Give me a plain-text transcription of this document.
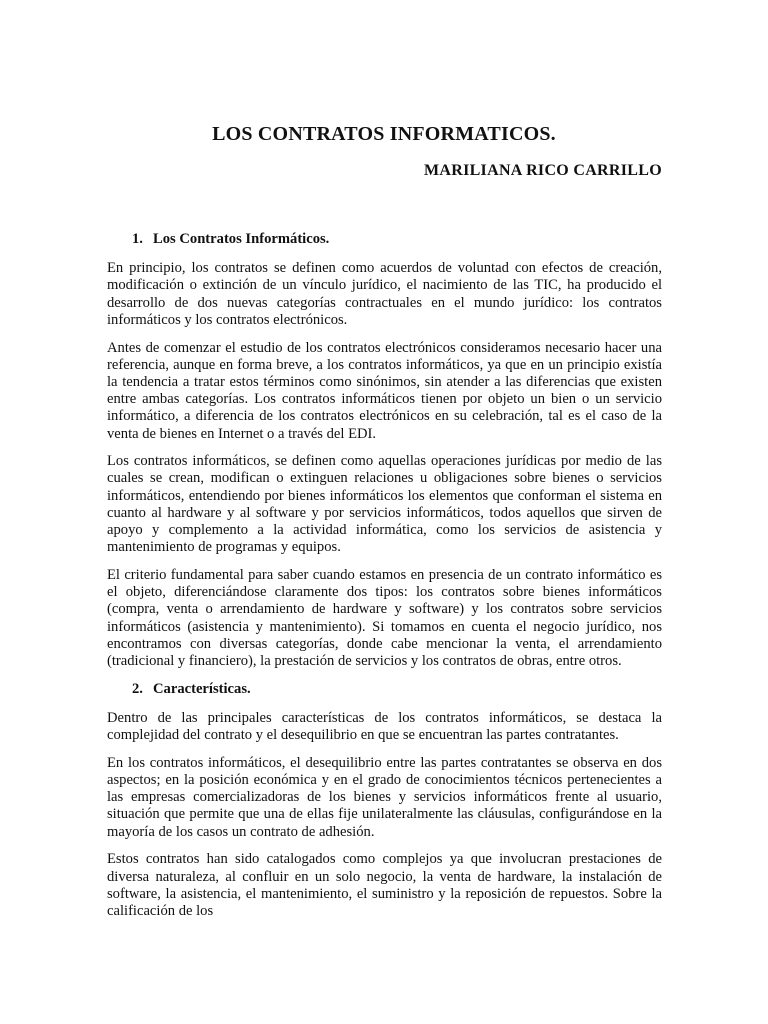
LOS CONTRATOS INFORMATICOS.
MARILIANA RICO CARRILLO
1. Los Contratos Informáticos.

En principio, los contratos se definen como acuerdos de voluntad con efectos de creación, modificación o extinción de un vínculo jurídico, el nacimiento de las TIC, ha producido el desarrollo de dos nuevas categorías contractuales en el mundo jurídico: los contratos informáticos y los contratos electrónicos.

Antes de comenzar el estudio de los contratos electrónicos consideramos necesario hacer una referencia, aunque en forma breve, a los contratos informáticos, ya que en un principio existía la tendencia a tratar estos términos como sinónimos, sin atender a las diferencias que existen entre ambas categorías. Los contratos informáticos tienen por objeto un bien o un servicio informático, a diferencia de los contratos electrónicos en su celebración, tal es el caso de la venta de bienes en Internet o a través del EDI.

Los contratos informáticos, se definen como aquellas operaciones jurídicas por medio de las cuales se crean, modifican o extinguen relaciones u obligaciones sobre bienes o servicios informáticos, entendiendo por bienes informáticos los elementos que conforman el sistema en cuanto al hardware y al software y por servicios informáticos, todos aquellos que sirven de apoyo y complemento a la actividad informática, como los servicios de asistencia y mantenimiento de programas y equipos.

El criterio fundamental para saber cuando estamos en presencia de un contrato informático es el objeto, diferenciándose claramente dos tipos: los contratos sobre bienes informáticos (compra, venta o arrendamiento de hardware y software) y los contratos sobre servicios informáticos (asistencia y mantenimiento). Si tomamos en cuenta el negocio jurídico, nos encontramos con diversas categorías, donde cabe mencionar la venta, el arrendamiento (tradicional y financiero), la prestación de servicios y los contratos de obras, entre otros.

2. Características.

Dentro de las principales características de los contratos informáticos, se destaca la complejidad del contrato y el desequilibrio en que se encuentran las partes contratantes.

En los contratos informáticos, el desequilibrio entre las partes contratantes se observa en dos aspectos; en la posición económica y en el grado de conocimientos técnicos pertenecientes a las empresas comercializadoras de los bienes y servicios informáticos frente al usuario, situación que permite que una de ellas fije unilateralmente las cláusulas, configurándose en la mayoría de los casos un contrato de adhesión.

Estos contratos han sido catalogados como complejos ya que involucran prestaciones de diversa naturaleza, al confluir en un solo negocio, la venta de hardware, la instalación de software, la asistencia, el mantenimiento, el suministro y la reposición de repuestos. Sobre la calificación de los
